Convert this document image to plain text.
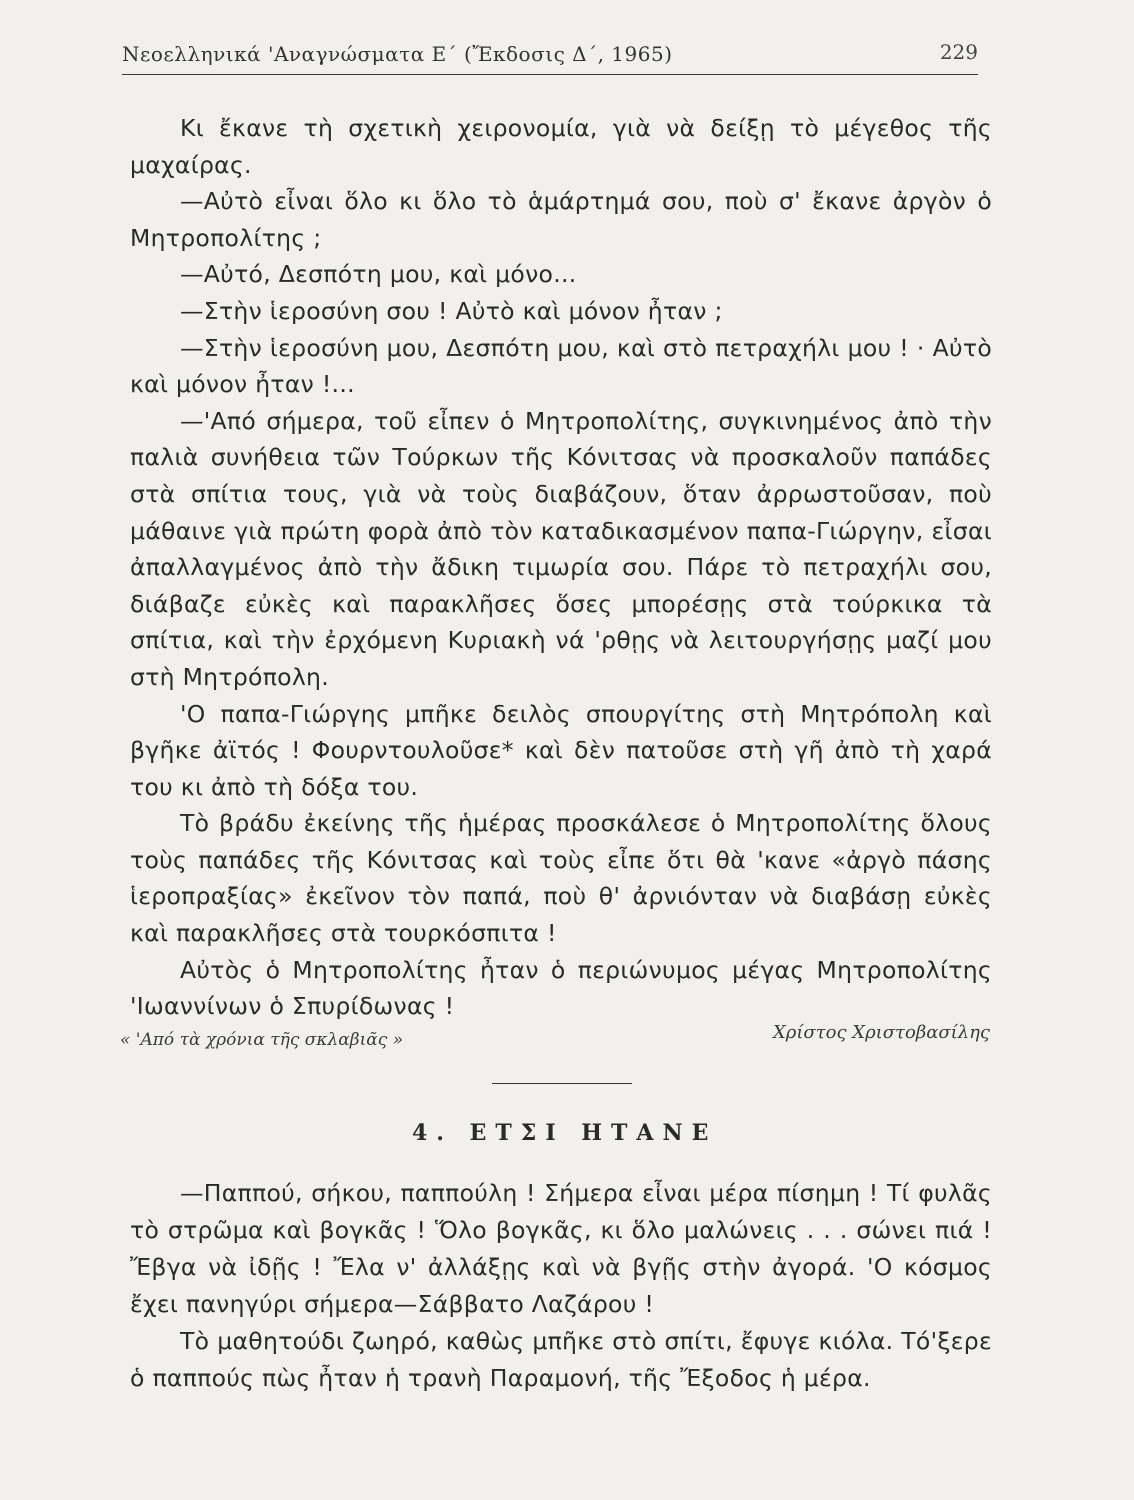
Νεοελληνικά 'Αναγνώσματα Ε΄ (Ἔκδοσις Δ΄, 1965)	229

Κι ἔκανε τὴ σχετικὴ χειρονομία, γιὰ νὰ δείξῃ τὸ μέγεθος τῆς μαχαίρας.

—Αὐτὸ εἶναι ὅλο κι ὅλο τὸ ἁμάρτημά σου, ποὺ σ' ἔκανε ἀργὸν ὁ Μητροπολίτης ;

—Αὐτό, Δεσπότη μου, καὶ μόνο...

—Στὴν ἱεροσύνη σου ! Αὐτὸ καὶ μόνον ἦταν ;

—Στὴν ἱεροσύνη μου, Δεσπότη μου, καὶ στὸ πετραχήλι μου ! · Αὐτὸ καὶ μόνον ἦταν !...

—'Από σήμερα, τοῦ εἶπεν ὁ Μητροπολίτης, συγκινημένος ἀπὸ τὴν παλιὰ συνήθεια τῶν Τούρκων τῆς Κόνιτσας νὰ προσκαλοῦν παπάδες στὰ σπίτια τους, γιὰ νὰ τοὺς διαβάζουν, ὅταν ἀρρωστοῦσαν, ποὺ μάθαινε γιὰ πρώτη φορὰ ἀπὸ τὸν καταδικασμένον παπα-Γιώργην, εἶσαι ἀπαλλαγμένος ἀπὸ τὴν ἄδικη τιμωρία σου. Πάρε τὸ πετραχήλι σου, διάβαζε εὐκὲς καὶ παρακλῆσες ὅσες μπορέσῃς στὰ τούρκικα τὰ σπίτια, καὶ τὴν ἐρχόμενη Κυριακὴ νά 'ρθῃς νὰ λειτουργήσῃς μαζί μου στὴ Μητρόπολη.

'Ο παπα-Γιώργης μπῆκε δειλὸς σπουργίτης στὴ Μητρόπολη καὶ βγῆκε ἀϊτός ! Φουρντουλοῦσε* καὶ δὲν πατοῦσε στὴ γῆ ἀπὸ τὴ χαρά του κι ἀπὸ τὴ δόξα του.

Τὸ βράδυ ἐκείνης τῆς ἡμέρας προσκάλεσε ὁ Μητροπολίτης ὅλους τοὺς παπάδες τῆς Κόνιτσας καὶ τοὺς εἶπε ὅτι θὰ 'κανε «ἀργὸ πάσης ἱεροπραξίας» ἐκεῖνον τὸν παπά, ποὺ θ' ἀρνιόνταν νὰ διαβάσῃ εὐκὲς καὶ παρακλῆσες στὰ τουρκόσπιτα !

Αὐτὸς ὁ Μητροπολίτης ἦταν ὁ περιώνυμος μέγας Μητροπολίτης 'Ιωαννίνων ὁ Σπυρίδωνας !

« 'Από τὰ χρόνια τῆς σκλαβιᾶς »	Χρίστος Χριστοβασίλης
4. ΕΤΣΙ ΗΤΑΝΕ

—Παππού, σήκου, παππούλη ! Σήμερα εἶναι μέρα πίσημη ! Τί φυλᾶς τὸ στρῶμα καὶ βογκᾶς ! Ὅλο βογκᾶς, κι ὅλο μαλώνεις . . . σώνει πιά ! Ἔβγα νὰ ἰδῇς ! Ἔλα ν' ἀλλάξῃς καὶ νὰ βγῇς στὴν ἀγορά. 'Ο κόσμος ἔχει πανηγύρι σήμερα—Σάββατο Λαζάρου !

Τὸ μαθητούδι ζωηρό, καθὼς μπῆκε στὸ σπίτι, ἔφυγε κιόλα. Τό'ξερε ὁ παππούς πὼς ἦταν ἡ τρανὴ Παραμονή, τῆς Ἔξοδος ἡ μέρα.
